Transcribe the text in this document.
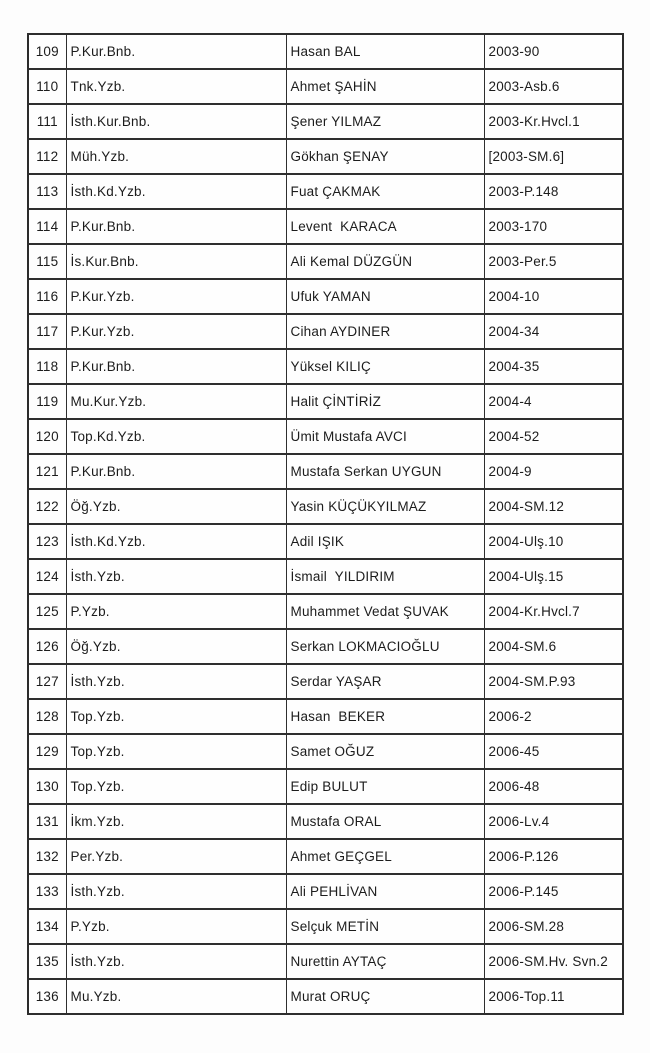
109	P.Kur.Bnb.	Hasan BAL	2003-90
110	Tnk.Yzb.	Ahmet ŞAHİN	2003-Asb.6
111	İsth.Kur.Bnb.	Şener YILMAZ	2003-Kr.Hvcl.1
112	Müh.Yzb.	Gökhan ŞENAY	[2003-SM.6]
113	İsth.Kd.Yzb.	Fuat ÇAKMAK	2003-P.148
114	P.Kur.Bnb.	Levent  KARACA	2003-170
115	İs.Kur.Bnb.	Ali Kemal DÜZGÜN	2003-Per.5
116	P.Kur.Yzb.	Ufuk YAMAN	2004-10
117	P.Kur.Yzb.	Cihan AYDINER	2004-34
118	P.Kur.Bnb.	Yüksel KILIÇ	2004-35
119	Mu.Kur.Yzb.	Halit ÇİNTİRİZ	2004-4
120	Top.Kd.Yzb.	Ümit Mustafa AVCI	2004-52
121	P.Kur.Bnb.	Mustafa Serkan UYGUN	2004-9
122	Öğ.Yzb.	Yasin KÜÇÜKYILMAZ	2004-SM.12
123	İsth.Kd.Yzb.	Adil IŞIK	2004-Ulş.10
124	İsth.Yzb.	İsmail  YILDIRIM	2004-Ulş.15
125	P.Yzb.	Muhammet Vedat ŞUVAK	2004-Kr.Hvcl.7
126	Öğ.Yzb.	Serkan LOKMACIOĞLU	2004-SM.6
127	İsth.Yzb.	Serdar YAŞAR	2004-SM.P.93
128	Top.Yzb.	Hasan  BEKER	2006-2
129	Top.Yzb.	Samet OĞUZ	2006-45
130	Top.Yzb.	Edip BULUT	2006-48
131	İkm.Yzb.	Mustafa ORAL	2006-Lv.4
132	Per.Yzb.	Ahmet GEÇGEL	2006-P.126
133	İsth.Yzb.	Ali PEHLİVAN	2006-P.145
134	P.Yzb.	Selçuk METİN	2006-SM.28
135	İsth.Yzb.	Nurettin AYTAÇ	2006-SM.Hv. Svn.2
136	Mu.Yzb.	Murat ORUÇ	2006-Top.11
